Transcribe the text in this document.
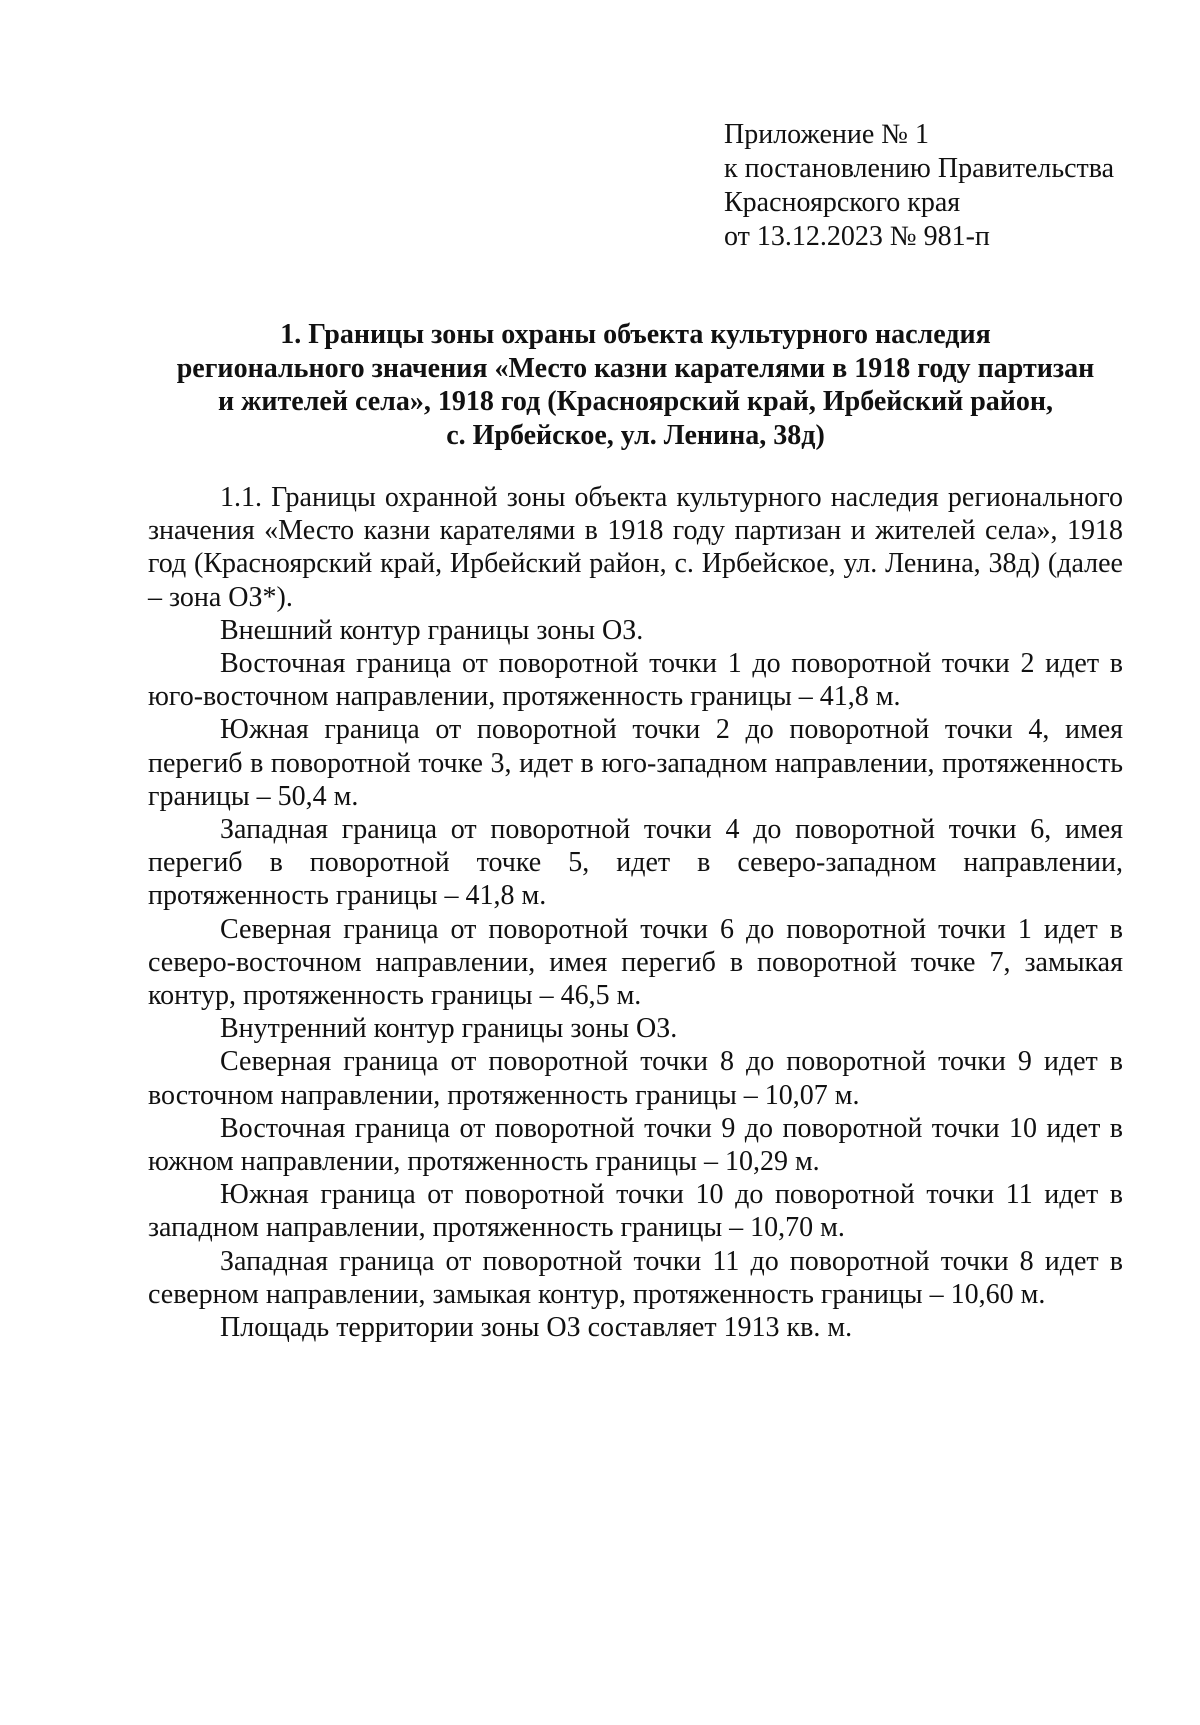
Приложение № 1
к постановлению Правительства
Красноярского края
от 13.12.2023 № 981-п
1. Границы зоны охраны объекта культурного наследия
регионального значения «Место казни карателями в 1918 году партизан
и жителей села», 1918 год (Красноярский край, Ирбейский район,
с. Ирбейское, ул. Ленина, 38д)

1.1. Границы охранной зоны объекта культурного наследия регионального значения «Место казни карателями в 1918 году партизан и жителей села», 1918 год (Красноярский край, Ирбейский район, с. Ирбейское, ул. Ленина, 38д) (далее – зона ОЗ*).

Внешний контур границы зоны ОЗ.

Восточная граница от поворотной точки 1 до поворотной точки 2 идет в юго-восточном направлении, протяженность границы – 41,8 м.

Южная граница от поворотной точки 2 до поворотной точки 4, имея перегиб в поворотной точке 3, идет в юго-западном направлении, протяженность границы – 50,4 м.

Западная граница от поворотной точки 4 до поворотной точки 6, имея перегиб в поворотной точке 5, идет в северо-западном направлении, протяженность границы – 41,8 м.

Северная граница от поворотной точки 6 до поворотной точки 1 идет в северо-восточном направлении, имея перегиб в поворотной точке 7, замыкая контур, протяженность границы – 46,5 м.

Внутренний контур границы зоны ОЗ.

Северная граница от поворотной точки 8 до поворотной точки 9 идет в восточном направлении, протяженность границы – 10,07 м.

Восточная граница от поворотной точки 9 до поворотной точки 10 идет в южном направлении, протяженность границы – 10,29 м.

Южная граница от поворотной точки 10 до поворотной точки 11 идет в западном направлении, протяженность границы – 10,70 м.

Западная граница от поворотной точки 11 до поворотной точки 8 идет в северном направлении, замыкая контур, протяженность границы – 10,60 м.

Площадь территории зоны ОЗ составляет 1913 кв. м.
